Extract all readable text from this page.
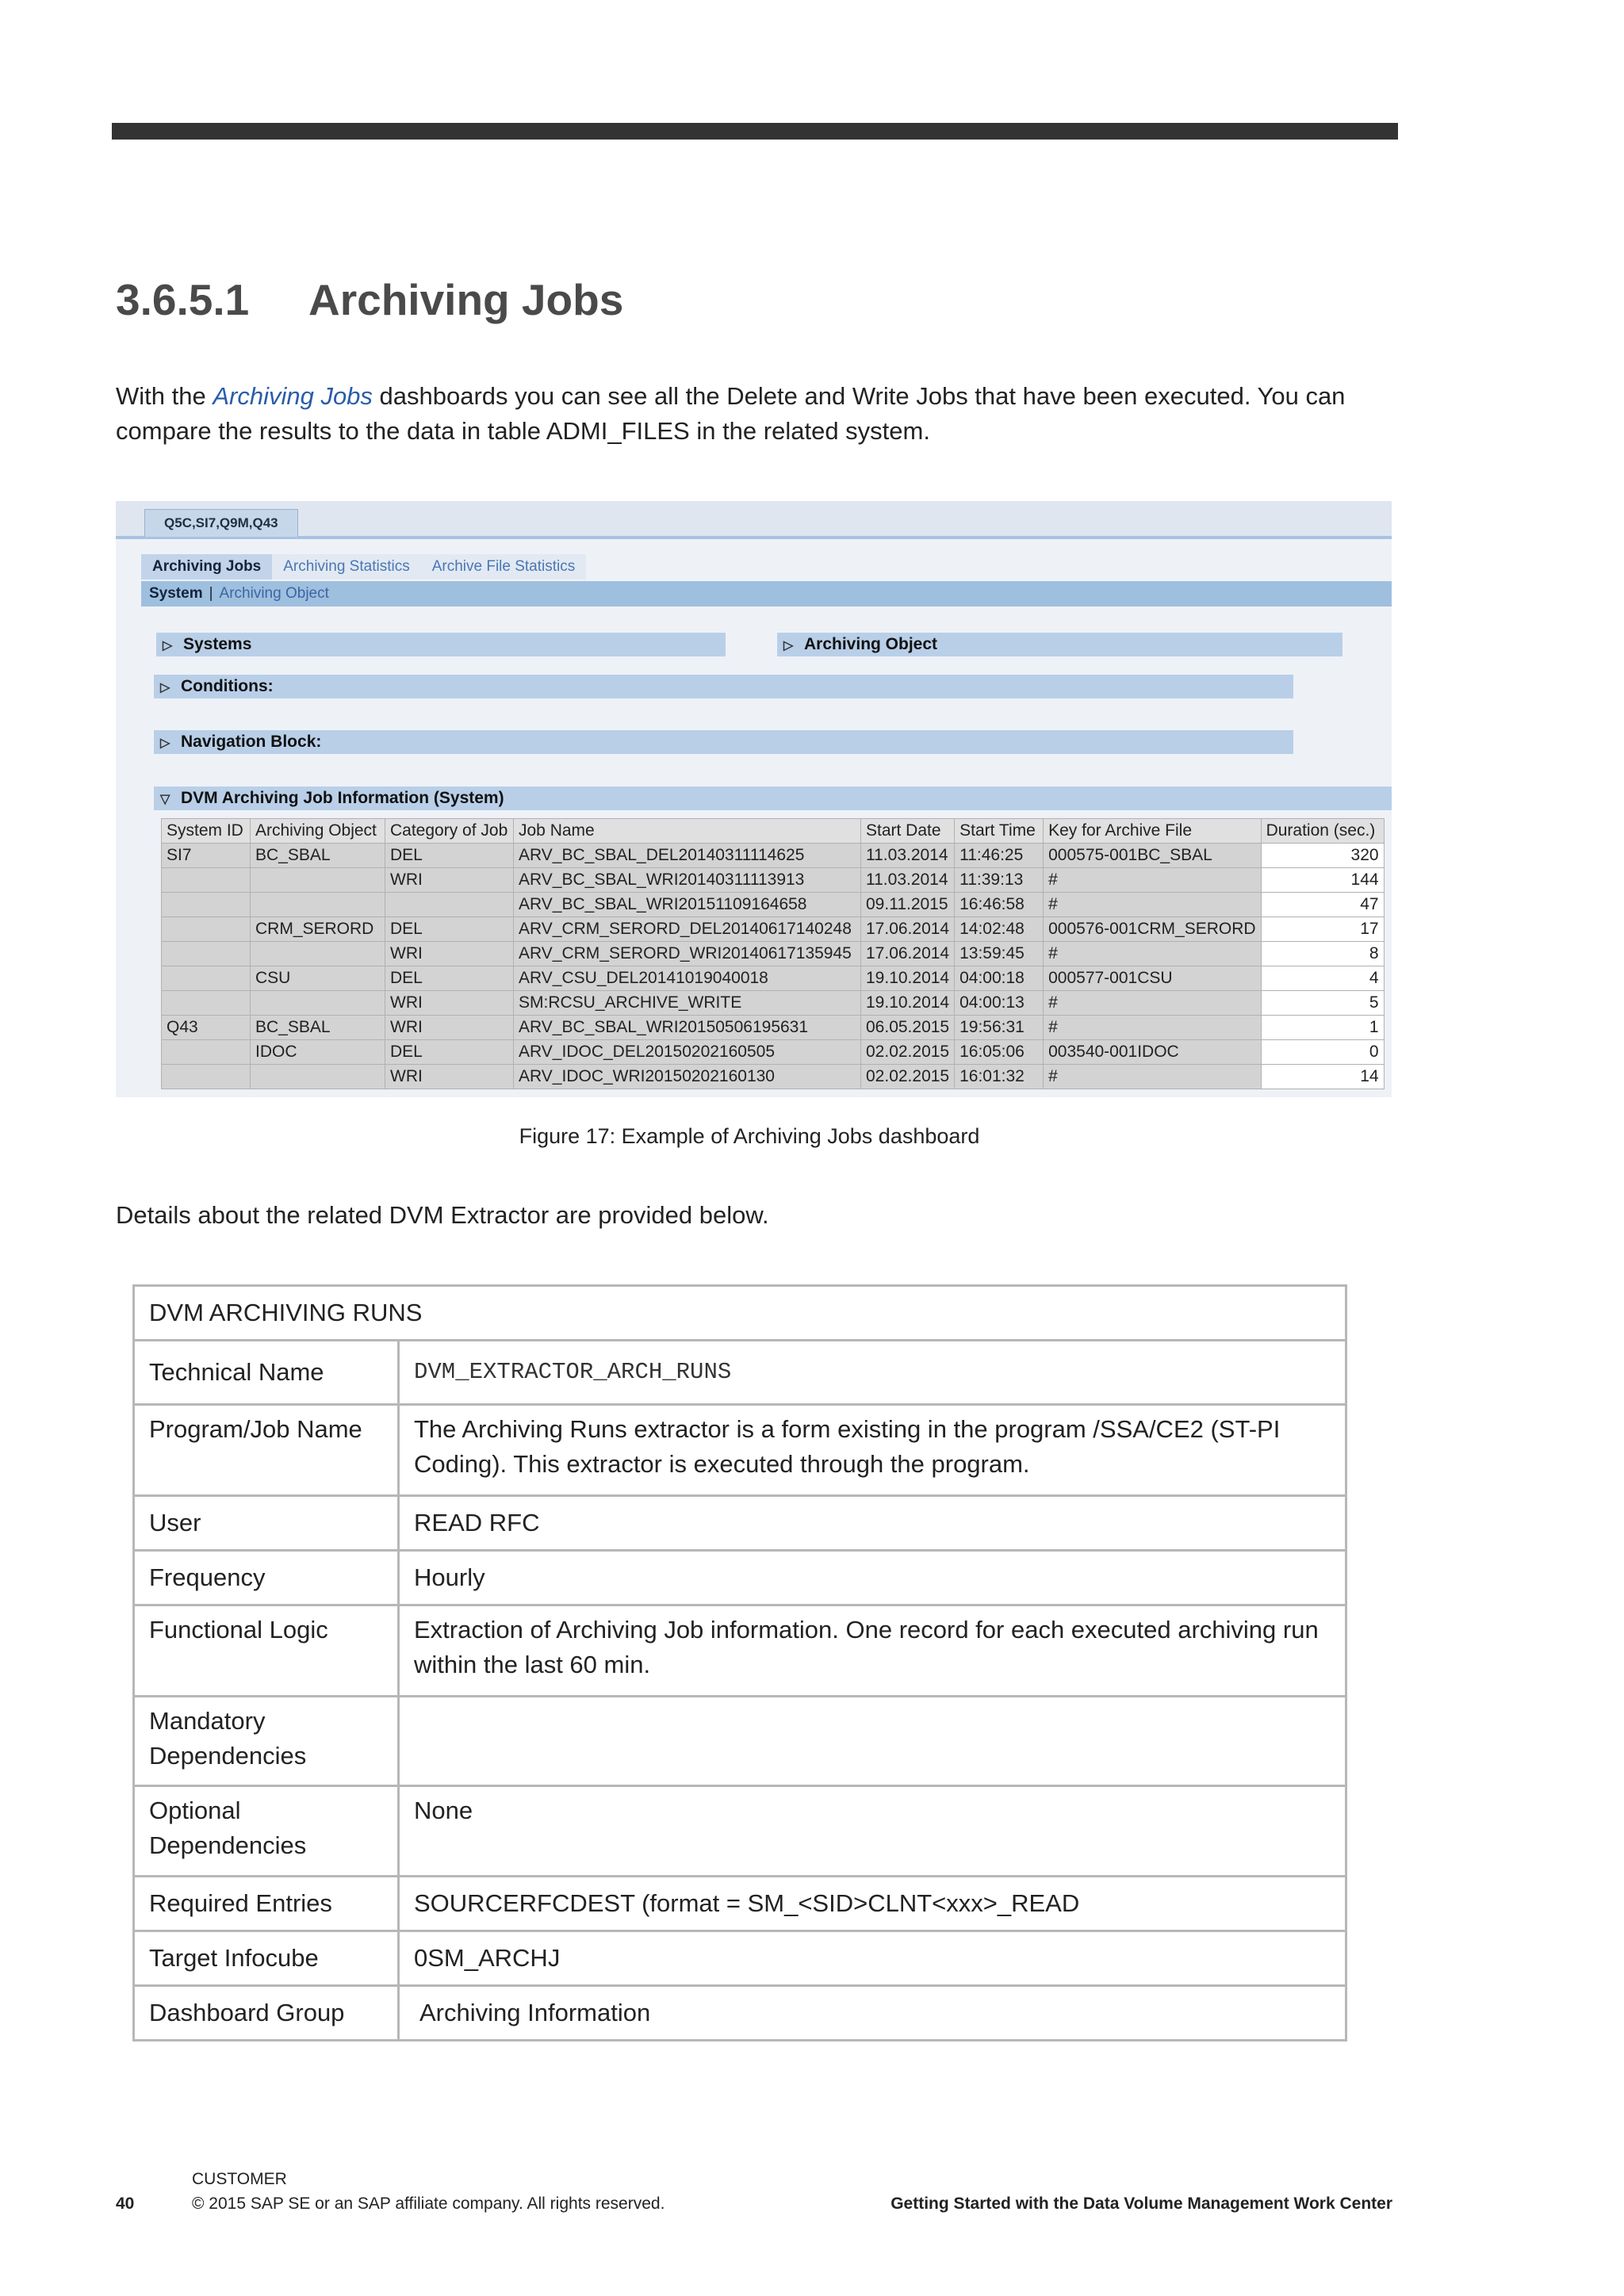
3.6.5.1 Archiving Jobs

With the Archiving Jobs dashboards you can see all the Delete and Write Jobs that have been executed. You can compare the results to the data in table ADMI_FILES in the related system.

Q5C,SI7,Q9M,Q43
Archiving Jobs	Archiving Statistics	Archive File Statistics
System | Archiving Object
▷ Systems	▷ Archiving Object
▷ Conditions:
▷ Navigation Block:
▽ DVM Archiving Job Information (System)
System ID	Archiving Object	Category of Job	Job Name	Start Date	Start Time	Key for Archive File	Duration (sec.)
SI7	BC_SBAL	DEL	ARV_BC_SBAL_DEL20140311114625	11.03.2014	11:46:25	000575-001BC_SBAL	320
		WRI	ARV_BC_SBAL_WRI20140311113913	11.03.2014	11:39:13	#	144
			ARV_BC_SBAL_WRI20151109164658	09.11.2015	16:46:58	#	47
	CRM_SERORD	DEL	ARV_CRM_SERORD_DEL20140617140248	17.06.2014	14:02:48	000576-001CRM_SERORD	17
		WRI	ARV_CRM_SERORD_WRI20140617135945	17.06.2014	13:59:45	#	8
	CSU	DEL	ARV_CSU_DEL20141019040018	19.10.2014	04:00:18	000577-001CSU	4
		WRI	SM:RCSU_ARCHIVE_WRITE	19.10.2014	04:00:13	#	5
Q43	BC_SBAL	WRI	ARV_BC_SBAL_WRI20150506195631	06.05.2015	19:56:31	#	1
	IDOC	DEL	ARV_IDOC_DEL20150202160505	02.02.2015	16:05:06	003540-001IDOC	0
		WRI	ARV_IDOC_WRI20150202160130	02.02.2015	16:01:32	#	14

Figure 17: Example of Archiving Jobs dashboard

Details about the related DVM Extractor are provided below.

DVM ARCHIVING RUNS	
Technical Name	DVM_EXTRACTOR_ARCH_RUNS
Program/Job Name	The Archiving Runs extractor is a form existing in the program /SSA/CE2 (ST-PI Coding). This extractor is executed through the program.
User	READ RFC
Frequency	Hourly
Functional Logic	Extraction of Archiving Job information. One record for each executed archiving run within the last 60 min.
Mandatory Dependencies	
Optional Dependencies	None
Required Entries	SOURCERFCDEST (format = SM_<SID>CLNT<xxx>_READ
Target Infocube	0SM_ARCHJ
Dashboard Group	Archiving Information

40

CUSTOMER

© 2015 SAP SE or an SAP affiliate company. All rights reserved.	Getting Started with the Data Volume Management Work Center
